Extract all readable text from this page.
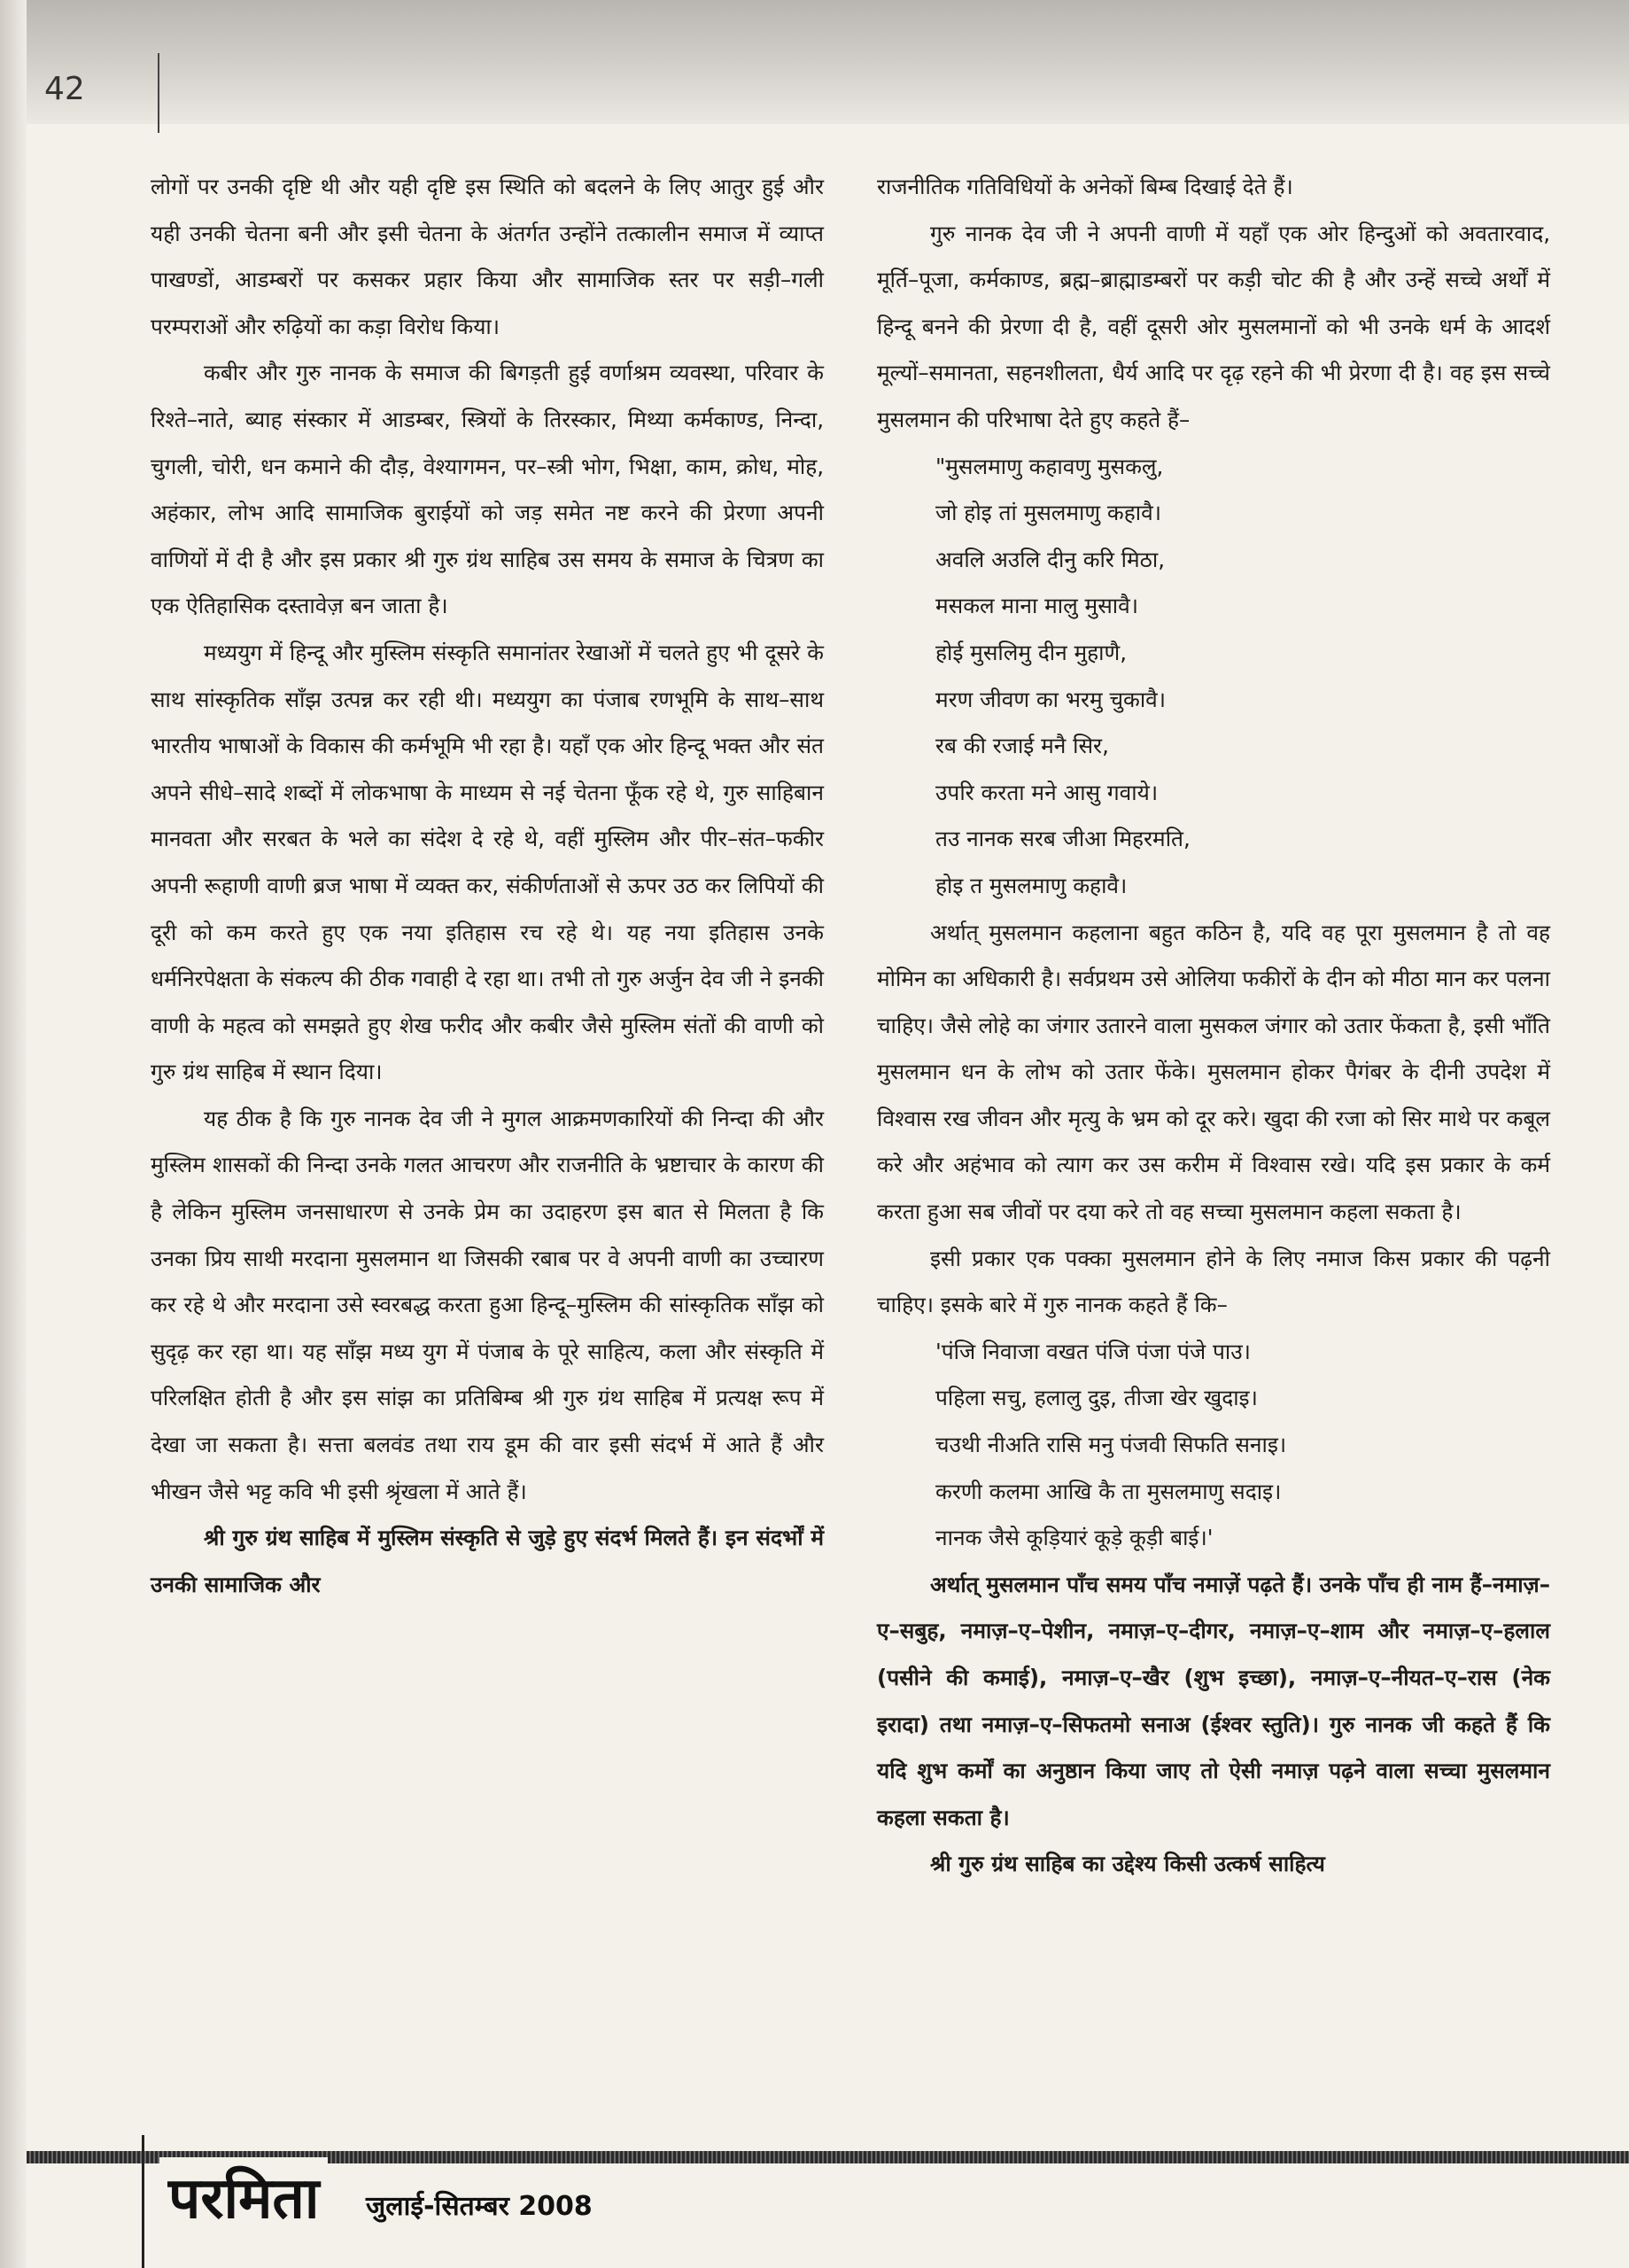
42

लोगों पर उनकी दृष्टि थी और यही दृष्टि इस स्थिति को बदलने के लिए आतुर हुई और यही उनकी चेतना बनी और इसी चेतना के अंतर्गत उन्होंने तत्कालीन समाज में व्याप्त पाखण्डों, आडम्बरों पर कसकर प्रहार किया और सामाजिक स्तर पर सड़ी–गली परम्पराओं और रुढ़ियों का कड़ा विरोध किया।

कबीर और गुरु नानक के समाज की बिगड़ती हुई वर्णाश्रम व्यवस्था, परिवार के रिश्ते–नाते, ब्याह संस्कार में आडम्बर, स्त्रियों के तिरस्कार, मिथ्या कर्मकाण्ड, निन्दा, चुगली, चोरी, धन कमाने की दौड़, वेश्यागमन, पर–स्त्री भोग, भिक्षा, काम, क्रोध, मोह, अहंकार, लोभ आदि सामाजिक बुराईयों को जड़ समेत नष्ट करने की प्रेरणा अपनी वाणियों में दी है और इस प्रकार श्री गुरु ग्रंथ साहिब उस समय के समाज के चित्रण का एक ऐतिहासिक दस्तावेज़ बन जाता है।

मध्ययुग में हिन्दू और मुस्लिम संस्कृति समानांतर रेखाओं में चलते हुए भी दूसरे के साथ सांस्कृतिक साँझ उत्पन्न कर रही थी। मध्ययुग का पंजाब रणभूमि के साथ–साथ भारतीय भाषाओं के विकास की कर्मभूमि भी रहा है। यहाँ एक ओर हिन्दू भक्त और संत अपने सीधे–सादे शब्दों में लोकभाषा के माध्यम से नई चेतना फूँक रहे थे, गुरु साहिबान मानवता और सरबत के भले का संदेश दे रहे थे, वहीं मुस्लिम और पीर–संत–फकीर अपनी रूहाणी वाणी ब्रज भाषा में व्यक्त कर, संकीर्णताओं से ऊपर उठ कर लिपियों की दूरी को कम करते हुए एक नया इतिहास रच रहे थे। यह नया इतिहास उनके धर्मनिरपेक्षता के संकल्प की ठीक गवाही दे रहा था। तभी तो गुरु अर्जुन देव जी ने इनकी वाणी के महत्व को समझते हुए शेख फरीद और कबीर जैसे मुस्लिम संतों की वाणी को गुरु ग्रंथ साहिब में स्थान दिया।

यह ठीक है कि गुरु नानक देव जी ने मुगल आक्रमणकारियों की निन्दा की और मुस्लिम शासकों की निन्दा उनके गलत आचरण और राजनीति के भ्रष्टाचार के कारण की है लेकिन मुस्लिम जनसाधारण से उनके प्रेम का उदाहरण इस बात से मिलता है कि उनका प्रिय साथी मरदाना मुसलमान था जिसकी रबाब पर वे अपनी वाणी का उच्चारण कर रहे थे और मरदाना उसे स्वरबद्ध करता हुआ हिन्दू–मुस्लिम की सांस्कृतिक साँझ को सुदृढ़ कर रहा था। यह साँझ मध्य युग में पंजाब के पूरे साहित्य, कला और संस्कृति में परिलक्षित होती है और इस सांझ का प्रतिबिम्ब श्री गुरु ग्रंथ साहिब में प्रत्यक्ष रूप में देखा जा सकता है। सत्ता बलवंड तथा राय डूम की वार इसी संदर्भ में आते हैं और भीखन जैसे भट्ट कवि भी इसी श्रृंखला में आते हैं।

श्री गुरु ग्रंथ साहिब में मुस्लिम संस्कृति से जुड़े हुए संदर्भ मिलते हैं। इन संदर्भों में उनकी सामाजिक और

राजनीतिक गतिविधियों के अनेकों बिम्ब दिखाई देते हैं।

गुरु नानक देव जी ने अपनी वाणी में यहाँ एक ओर हिन्दुओं को अवतारवाद, मूर्ति–पूजा, कर्मकाण्ड, ब्रह्म–ब्राह्माडम्बरों पर कड़ी चोट की है और उन्हें सच्चे अर्थों में हिन्दू बनने की प्रेरणा दी है, वहीं दूसरी ओर मुसलमानों को भी उनके धर्म के आदर्श मूल्यों–समानता, सहनशीलता, धैर्य आदि पर दृढ़ रहने की भी प्रेरणा दी है। वह इस सच्चे मुसलमान की परिभाषा देते हुए कहते हैं–

"मुसलमाणु कहावणु मुसकलु,

जो होइ तां मुसलमाणु कहावै।

अवलि अउलि दीनु करि मिठा,

मसकल माना मालु मुसावै।

होई मुसलिमु दीन मुहाणै,

मरण जीवण का भरमु चुकावै।

रब की रजाई मनै सिर,

उपरि करता मने आसु गवाये।

तउ नानक सरब जीआ मिहरमति,

होइ त मुसलमाणु कहावै।

अर्थात् मुसलमान कहलाना बहुत कठिन है, यदि वह पूरा मुसलमान है तो वह मोमिन का अधिकारी है। सर्वप्रथम उसे ओलिया फकीरों के दीन को मीठा मान कर पलना चाहिए। जैसे लोहे का जंगार उतारने वाला मुसकल जंगार को उतार फेंकता है, इसी भाँति मुसलमान धन के लोभ को उतार फेंके। मुसलमान होकर पैगंबर के दीनी उपदेश में विश्वास रख जीवन और मृत्यु के भ्रम को दूर करे। खुदा की रजा को सिर माथे पर कबूल करे और अहंभाव को त्याग कर उस करीम में विश्वास रखे। यदि इस प्रकार के कर्म करता हुआ सब जीवों पर दया करे तो वह सच्चा मुसलमान कहला सकता है।

इसी प्रकार एक पक्का मुसलमान होने के लिए नमाज किस प्रकार की पढ़नी चाहिए। इसके बारे में गुरु नानक कहते हैं कि–

'पंजि निवाजा वखत पंजि पंजा पंजे पाउ।

पहिला सचु, हलालु दुइ, तीजा खेर खुदाइ।

चउथी नीअति रासि मनु पंजवी सिफति सनाइ।

करणी कलमा आखि कै ता मुसलमाणु सदाइ।

नानक जैसे कूड़ियारं कूड़े कूड़ी बाई।'

अर्थात् मुसलमान पाँच समय पाँच नमाज़ें पढ़ते हैं। उनके पाँच ही नाम हैं–नमाज़–ए–सबुह, नमाज़–ए–पेशीन, नमाज़–ए–दीगर, नमाज़–ए–शाम और नमाज़–ए–हलाल (पसीने की कमाई), नमाज़–ए–खैर (शुभ इच्छा), नमाज़–ए–नीयत–ए–रास (नेक इरादा) तथा नमाज़–ए–सिफतमो सनाअ (ईश्वर स्तुति)। गुरु नानक जी कहते हैं कि यदि शुभ कर्मों का अनुष्ठान किया जाए तो ऐसी नमाज़ पढ़ने वाला सच्चा मुसलमान कहला सकता है।

श्री गुरु ग्रंथ साहिब का उद्देश्य किसी उत्कर्ष साहित्य

परमिता	जुलाई-सितम्बर 2008
